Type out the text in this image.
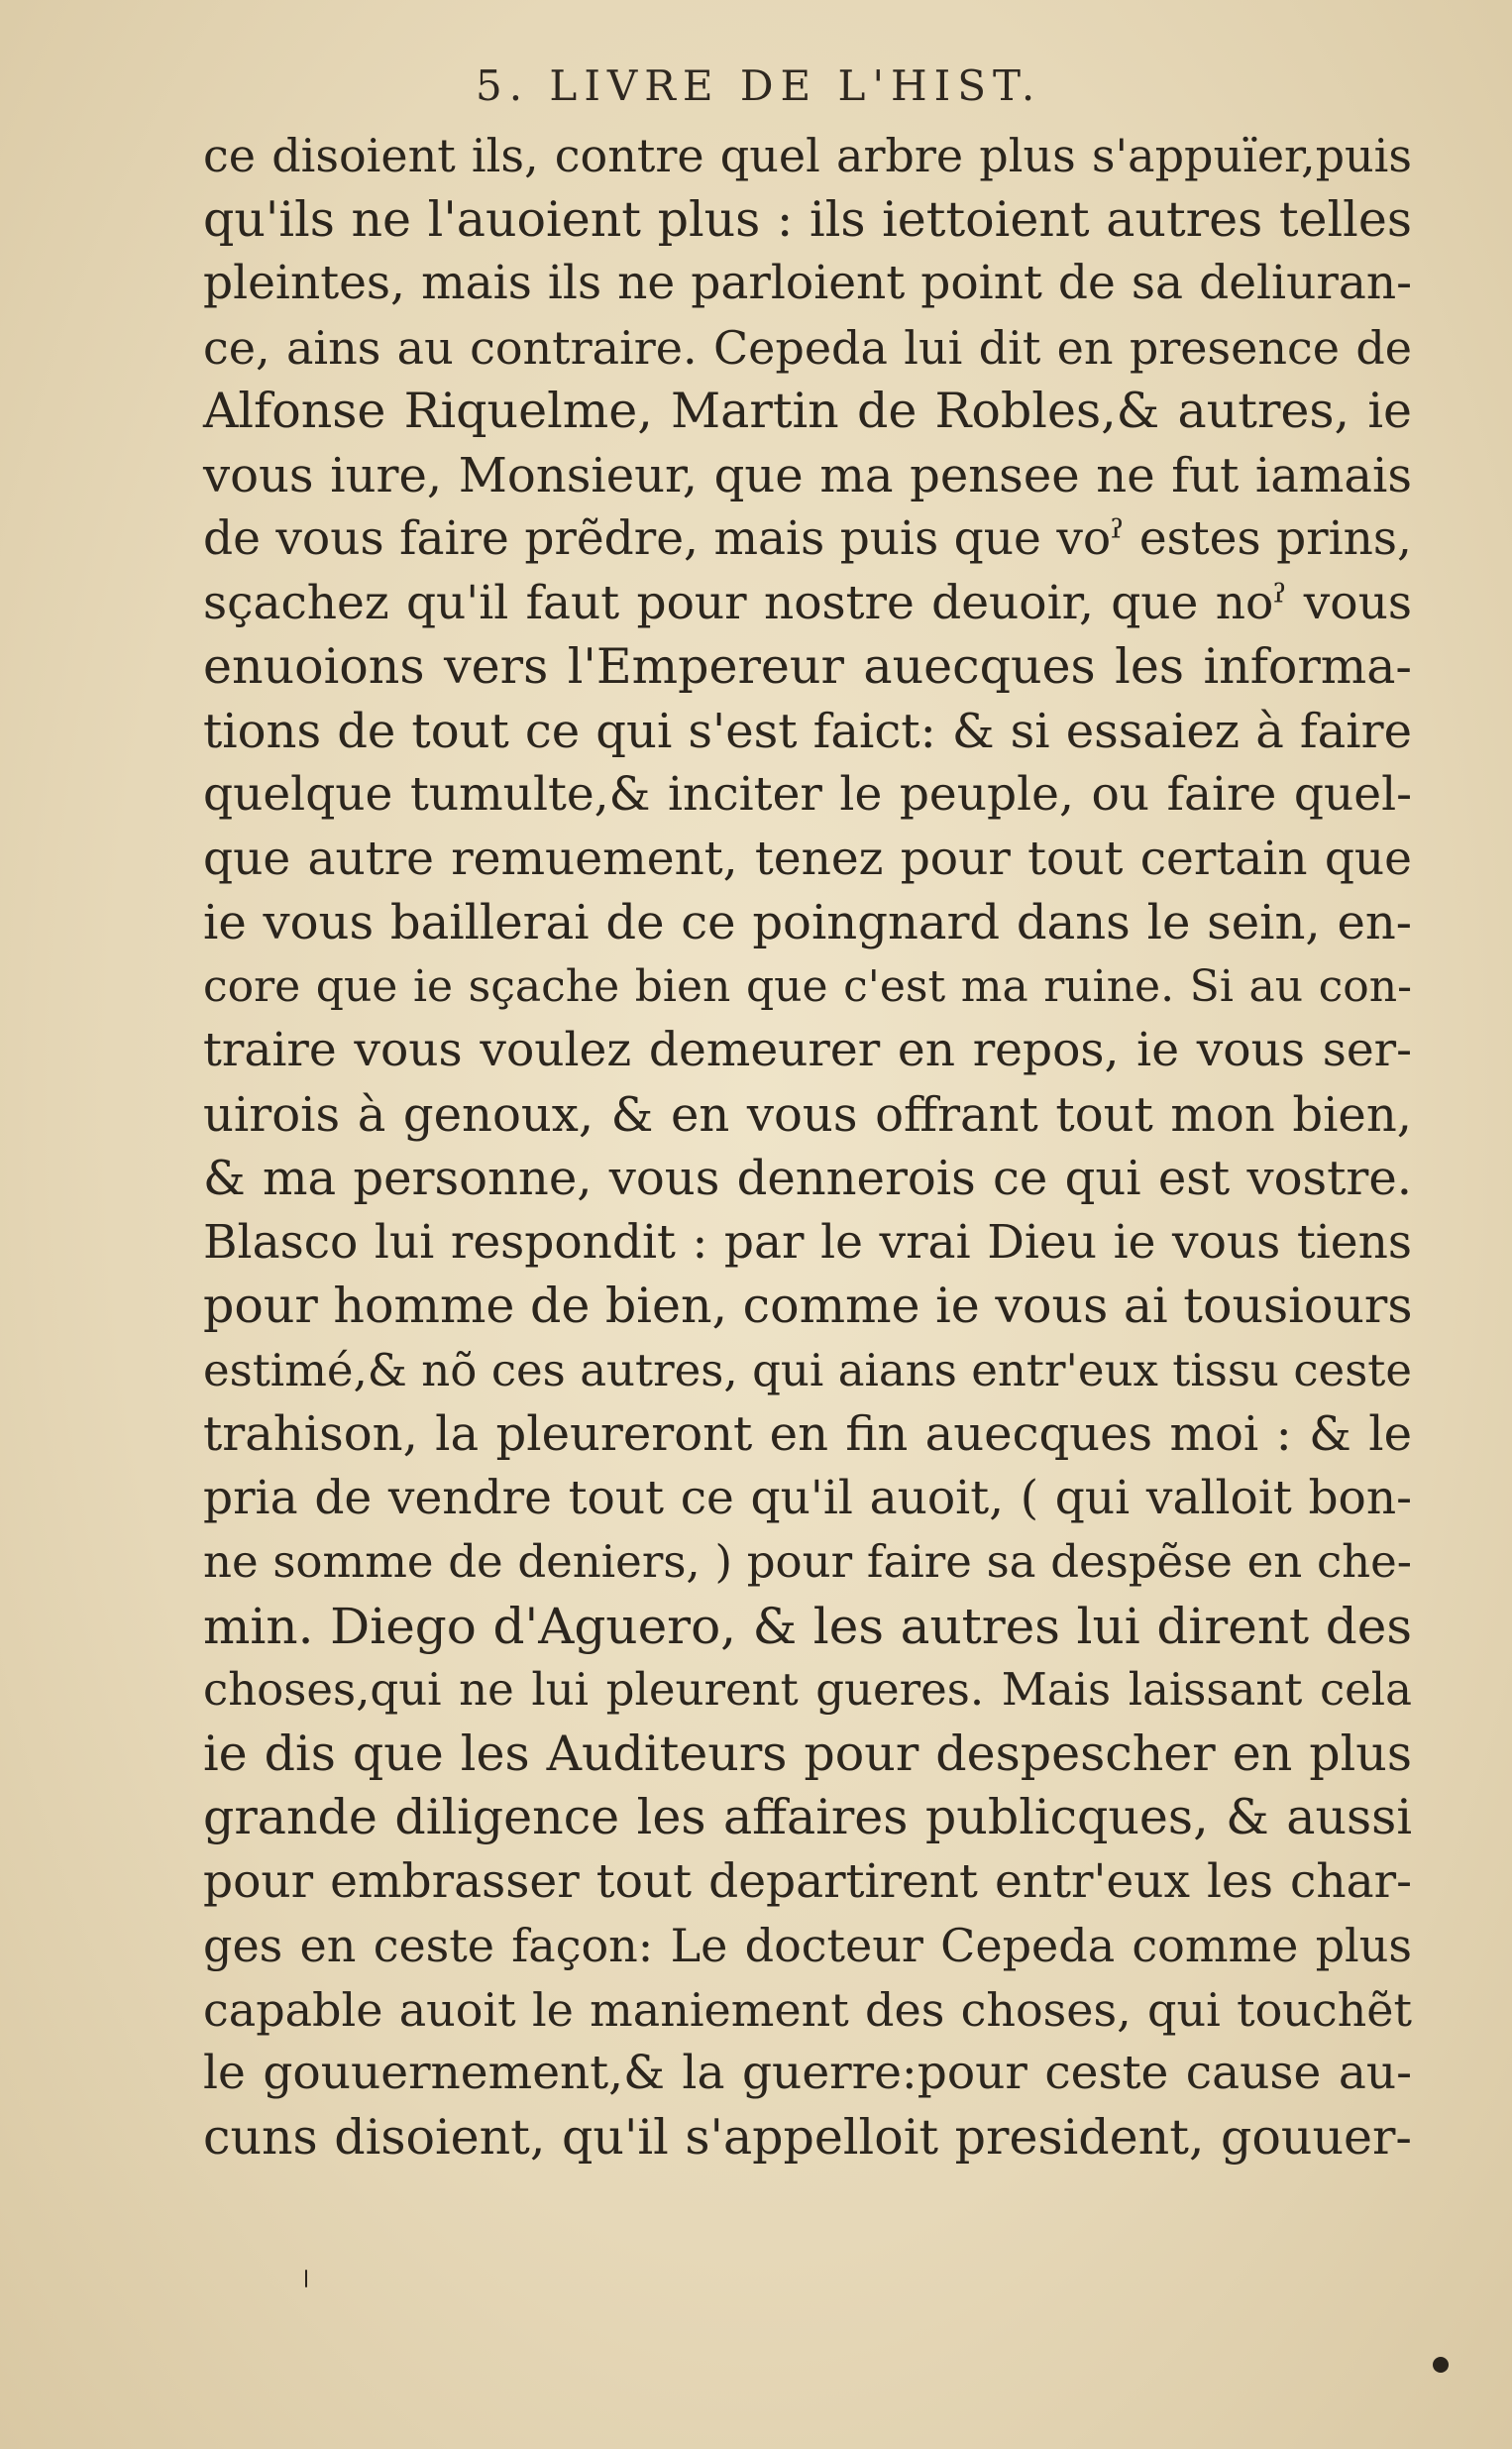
5. LIVRE DE L'HIST.
ce disoient ils, contre quel arbre plus s'appuïer,puis
qu'ils ne l'auoient plus : ils iettoient autres telles
pleintes, mais ils ne parloient point de sa deliuran-
ce, ains au contraire. Cepeda lui dit en presence de
Alfonse Riquelme, Martin de Robles,& autres, ie
vous iure, Monsieur, que ma pensee ne fut iamais
de vous faire prẽdre, mais puis que voˀ estes prins,
sçachez qu'il faut pour nostre deuoir, que noˀ vous
enuoions vers l'Empereur auecques les informa-
tions de tout ce qui s'est faict: & si essaiez à faire
quelque tumulte,& inciter le peuple, ou faire quel-
que autre remuement, tenez pour tout certain que
ie vous baillerai de ce poingnard dans le sein, en-
core que ie sçache bien que c'est ma ruine. Si au con-
traire vous voulez demeurer en repos, ie vous ser-
uirois à genoux, & en vous offrant tout mon bien,
& ma personne, vous dennerois ce qui est vostre.
Blasco lui respondit : par le vrai Dieu ie vous tiens
pour homme de bien, comme ie vous ai tousiours
estimé,& nõ ces autres, qui aians entr'eux tissu ceste
trahison, la pleureront en fin auecques moi : & le
pria de vendre tout ce qu'il auoit, ( qui valloit bon-
ne somme de deniers, ) pour faire sa despẽse en che-
min. Diego d'Aguero, & les autres lui dirent des
choses,qui ne lui pleurent gueres. Mais laissant cela
ie dis que les Auditeurs pour despescher en plus
grande diligence les affaires publicques, & aussi
pour embrasser tout departirent entr'eux les char-
ges en ceste façon: Le docteur Cepeda comme plus
capable auoit le maniement des choses, qui touchẽt
le gouuernement,& la guerre:pour ceste cause au-
cuns disoient, qu'il s'appelloit president, gouuer-
